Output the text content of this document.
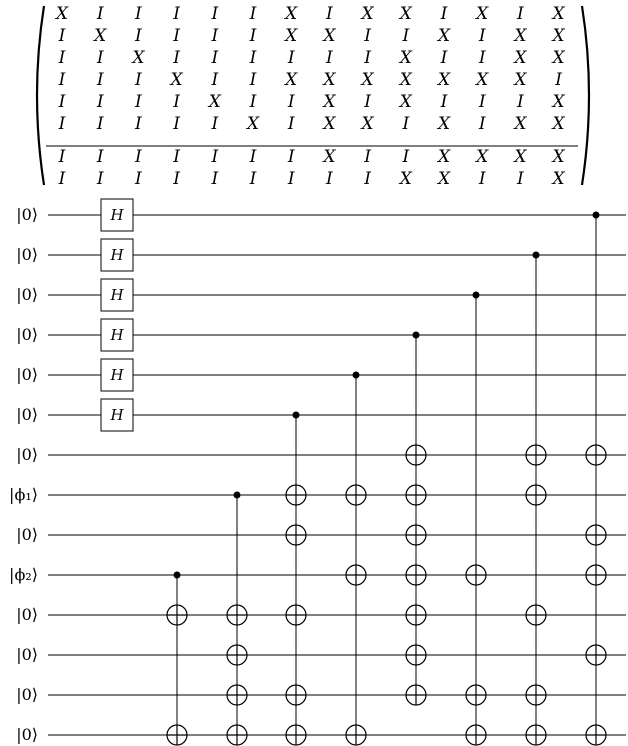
X I I I I I X I X X I X I X
I X I I I I X X I I X I X X
I I X I I I I I I X I I X X
I I I X I I X X X X X X X I
I I I I X I I X I X I I I X
I I I I I X I X X I X I X X
I I I I I I I X I I X X X X
I I I I I I I I I X X I I X
|0⟩
|0⟩
|0⟩
|0⟩
|0⟩
|0⟩
|0⟩
|ϕ₁⟩
|0⟩
|ϕ₂⟩
|0⟩
|0⟩
|0⟩
|0⟩
H
H
H
H
H
H
